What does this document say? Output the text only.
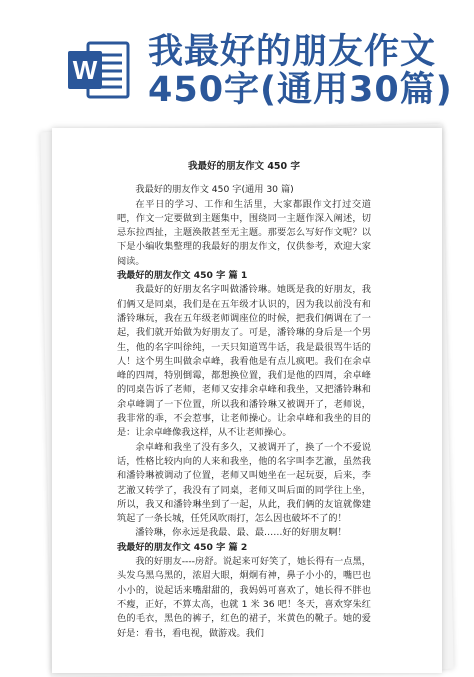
W 我最好的朋友作文
450字(通用30篇)
我最好的朋友作文 450 字

我最好的朋友作文 450 字(通用 30 篇)

在平日的学习、工作和生活里，大家都跟作文打过交道吧，作文一定要做到主题集中，围绕同一主题作深入阐述，切忌东拉西扯，主题涣散甚至无主题。那要怎么写好作文呢？以下是小编收集整理的我最好的朋友作文，仅供参考，欢迎大家阅读。

我最好的朋友作文 450 字 篇 1

我最好的好朋友名字叫做潘铃琳。她既是我的好朋友，我们俩又是同桌，我们是在五年级才认识的，因为我以前没有和潘铃琳玩，我在五年级老师调座位的时候，把我们俩调在了一起，我们就开始做为好朋友了。可是，潘铃琳的身后是一个男生，他的名字叫徐纯，一天只知道骂牛话，我是最很骂牛话的人！这个男生叫做余卓峰，我看他是有点儿疯吧。我们在余卓峰的四周，特别倒霉，都想换位置，我们是他的四周，余卓峰的同桌告诉了老师，老师又安排余卓峰和我坐，又把潘铃琳和余卓峰调了一下位置，所以我和潘铃琳又被调开了，老师说，我非常的乖，不会惹事，让老师操心。让余卓峰和我坐的目的是：让余卓峰像我这样，从不让老师操心。

余卓峰和我坐了没有多久，又被调开了，换了一个不爱说话，性格比较内向的人来和我坐，他的名字叫李艺澈，虽然我和潘铃琳被调动了位置，老师又叫她坐在一起玩耍，后来，李艺澈又转学了，我没有了同桌，老师又叫后面的同学往上坐，所以，我又和潘铃琳坐到了一起，从此，我们俩的友谊就像建筑起了一条长城，任凭风吹雨打，怎么因也破坏不了的！

潘铃琳，你永远是我最、最、最……好的好朋友啊！

我最好的朋友作文 450 字 篇 2

我的好朋友----房舒。说起来可好笑了，她长得有一点黑，头发乌黑乌黑的，浓眉大眼，炯炯有神，鼻子小小的，嘴巴也小小的，说起话来嘴甜甜的，我妈妈可喜欢了，她长得不胖也不瘦，正好，不算太高，也就 1 米 36 吧！冬天，喜欢穿朱红色的毛衣，黑色的裤子，红色的裙子，米黄色的靴子。她的爱好是：看书，看电视，做游戏。我们
